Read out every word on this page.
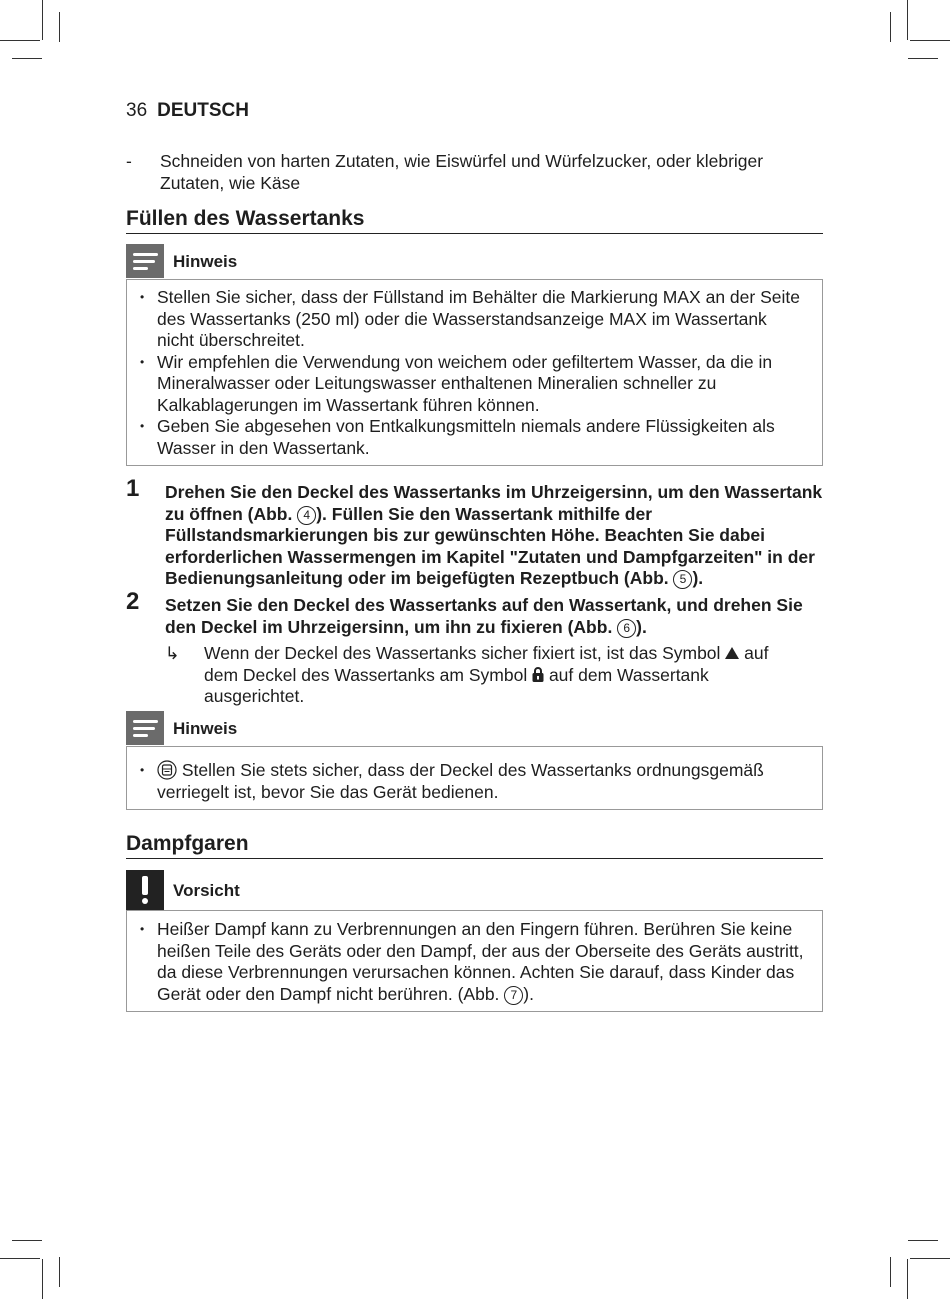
36 DEUTSCH
- Schneiden von harten Zutaten, wie Eiswürfel und Würfelzucker, oder klebriger Zutaten, wie Käse
Füllen des Wassertanks
Hinweis
• Stellen Sie sicher, dass der Füllstand im Behälter die Markierung MAX an der Seite des Wassertanks (250 ml) oder die Wasserstandsanzeige MAX im Wassertank nicht überschreitet.
• Wir empfehlen die Verwendung von weichem oder gefiltertem Wasser, da die in Mineralwasser oder Leitungswasser enthaltenen Mineralien schneller zu Kalkablagerungen im Wassertank führen können.
• Geben Sie abgesehen von Entkalkungsmitteln niemals andere Flüssigkeiten als Wasser in den Wassertank.
1 Drehen Sie den Deckel des Wassertanks im Uhrzeigersinn, um den Wassertank zu öffnen (Abb. 4 ). Füllen Sie den Wassertank mithilfe der Füllstandsmarkierungen bis zur gewünschten Höhe. Beachten Sie dabei erforderlichen Wassermengen im Kapitel "Zutaten und Dampfgarzeiten" in der Bedienungsanleitung oder im beigefügten Rezeptbuch (Abb. 5 ).
2 Setzen Sie den Deckel des Wassertanks auf den Wassertank, und drehen Sie den Deckel im Uhrzeigersinn, um ihn zu fixieren (Abb. 6 ).
↳ Wenn der Deckel des Wassertanks sicher fixiert ist, ist das Symbol  auf dem Deckel des Wassertanks am Symbol  auf dem Wassertank ausgerichtet.
Hinweis
• Stellen Sie stets sicher, dass der Deckel des Wassertanks ordnungsgemäß verriegelt ist, bevor Sie das Gerät bedienen.
Dampfgaren
Vorsicht
• Heißer Dampf kann zu Verbrennungen an den Fingern führen. Berühren Sie keine heißen Teile des Geräts oder den Dampf, der aus der Oberseite des Geräts austritt, da diese Verbrennungen verursachen können. Achten Sie darauf, dass Kinder das Gerät oder den Dampf nicht berühren. (Abb. 7 ).
